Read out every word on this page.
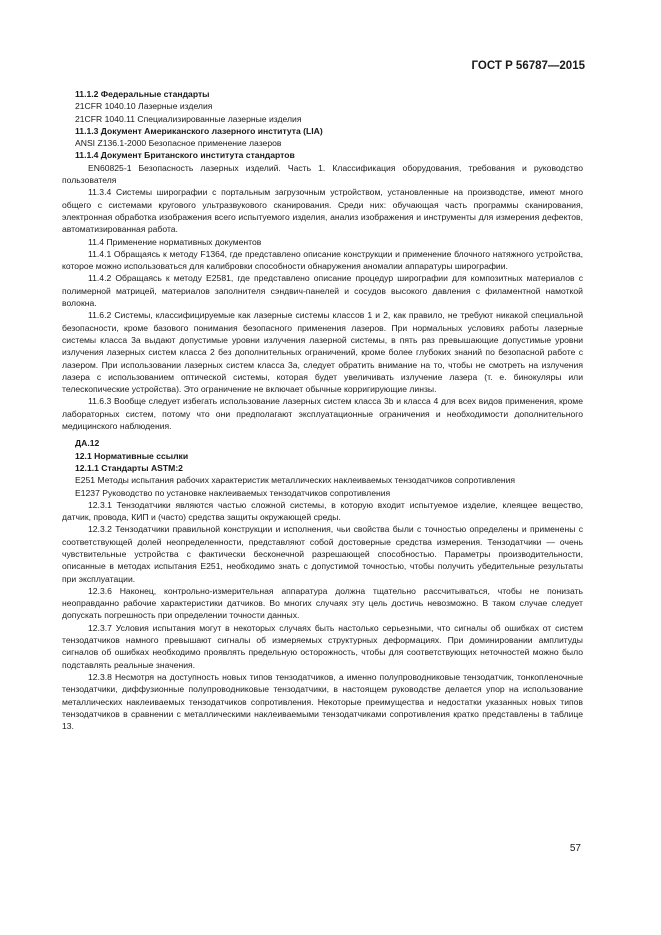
ГОСТ Р 56787—2015

11.1.2 Федеральные стандарты

21CFR 1040.10 Лазерные изделия

21CFR 1040.11 Специализированные лазерные изделия

11.1.3 Документ Американского лазерного института (LIA)

ANSI Z136.1-2000 Безопасное применение лазеров

11.1.4 Документ Британского института стандартов

EN60825-1 Безопасность лазерных изделий. Часть 1. Классификация оборудования, требования и руководство пользователя

11.3.4 Системы ширографии с портальным загрузочным устройством, установленные на производстве, имеют много общего с системами кругового ультразвукового сканирования. Среди них: обучающая часть программы сканирования, электронная обработка изображения всего испытуемого изделия, анализ изображения и инструменты для измерения дефектов, автоматизированная работа.

11.4 Применение нормативных документов

11.4.1 Обращаясь к методу F1364, где представлено описание конструкции и применение блочного натяжного устройства, которое можно использоваться для калибровки способности обнаружения аномалии аппаратуры ширографии.

11.4.2 Обращаясь к методу E2581, где представлено описание процедур ширографии для композитных материалов с полимерной матрицей, материалов заполнителя сэндвич-панелей и сосудов высокого давления с филаментной намоткой волокна.

11.6.2 Системы, классифицируемые как лазерные системы классов 1 и 2, как правило, не требуют никакой специальной безопасности, кроме базового понимания безопасного применения лазеров. При нормальных условиях работы лазерные системы класса 3а выдают допустимые уровни излучения лазерной системы, в пять раз превышающие допустимые уровни излучения лазерных систем класса 2 без дополнительных ограничений, кроме более глубоких знаний по безопасной работе с лазером. При использовании лазерных систем класса 3а, следует обратить внимание на то, чтобы не смотреть на излучения лазера с использованием оптической системы, которая будет увеличивать излучение лазера (т. е. бинокуляры или телескопические устройства). Это ограничение не включает обычные корригирующие линзы.

11.6.3 Вообще следует избегать использование лазерных систем класса 3b и класса 4 для всех видов применения, кроме лабораторных систем, потому что они предполагают эксплуатационные ограничения и необходимости дополнительного медицинского наблюдения.

ДА.12

12.1 Нормативные ссылки

12.1.1 Стандарты ASTM:2

E251 Методы испытания рабочих характеристик металлических наклеиваемых тензодатчиков сопротивления

E1237 Руководство по установке наклеиваемых тензодатчиков сопротивления

12.3.1 Тензодатчики являются частью сложной системы, в которую входит испытуемое изделие, клеящее вещество, датчик, провода, КИП и (часто) средства защиты окружающей среды.

12.3.2 Тензодатчики правильной конструкции и исполнения, чьи свойства были с точностью определены и применены с соответствующей долей неопределенности, представляют собой достоверные средства измерения. Тензодатчики — очень чувствительные устройства с фактически бесконечной разрешающей способностью. Параметры производительности, описанные в методах испытания E251, необходимо знать с допустимой точностью, чтобы получить убедительные результаты при эксплуатации.

12.3.6 Наконец, контрольно-измерительная аппаратура должна тщательно рассчитываться, чтобы не понизать неоправданно рабочие характеристики датчиков. Во многих случаях эту цель достичь невозможно. В таком случае следует допускать погрешность при определении точности данных.

12.3.7 Условия испытания могут в некоторых случаях быть настолько серьезными, что сигналы об ошибках от систем тензодатчиков намного превышают сигналы об измеряемых структурных деформациях. При доминировании амплитуды сигналов об ошибках необходимо проявлять предельную осторожность, чтобы для соответствующих неточностей можно было подставлять реальные значения.

12.3.8 Несмотря на доступность новых типов тензодатчиков, а именно полупроводниковые тензодатчик, тонкопленочные тензодатчики, диффузионные полупроводниковые тензодатчики, в настоящем руководстве делается упор на использование металлических наклеиваемых тензодатчиков сопротивления. Некоторые преимущества и недостатки указанных новых типов тензодатчиков в сравнении с металлическими наклеиваемыми тензодатчиками сопротивления кратко представлены в таблице 13.

57
